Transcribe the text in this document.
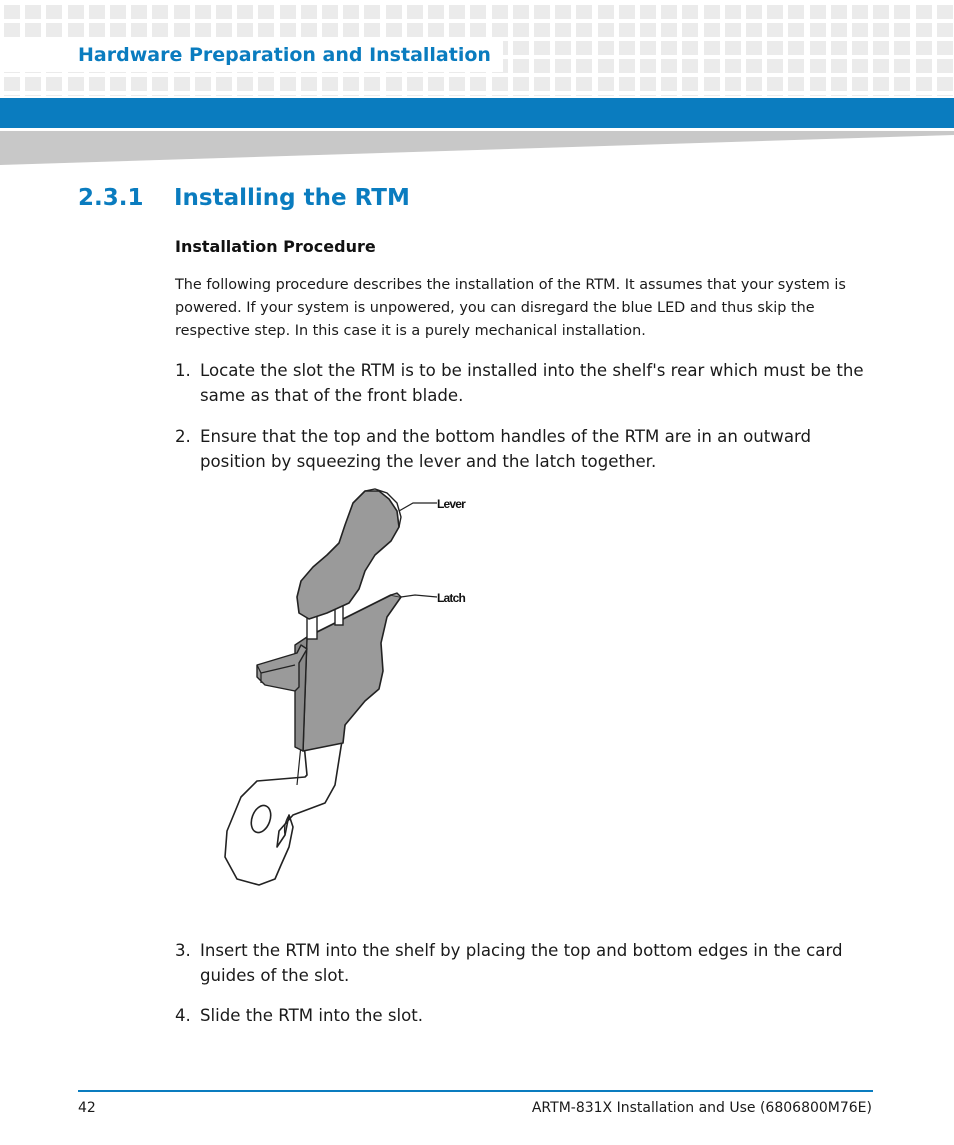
Hardware Preparation and Installation
2.3.1 Installing the RTM
Installation Procedure
The following procedure describes the installation of the RTM. It assumes that your system is powered. If your system is unpowered, you can disregard the blue LED and thus skip the respective step. In this case it is a purely mechanical installation.
1. Locate the slot the RTM is to be installed into the shelf's rear which must be the same as that of the front blade.
2. Ensure that the top and the bottom handles of the RTM are in an outward position by squeezing the lever and the latch together.
Lever
Latch
3. Insert the RTM into the shelf by placing the top and bottom edges in the card guides of the slot.
4. Slide the RTM into the slot.
42	ARTM-831X Installation and Use (6806800M76E)
